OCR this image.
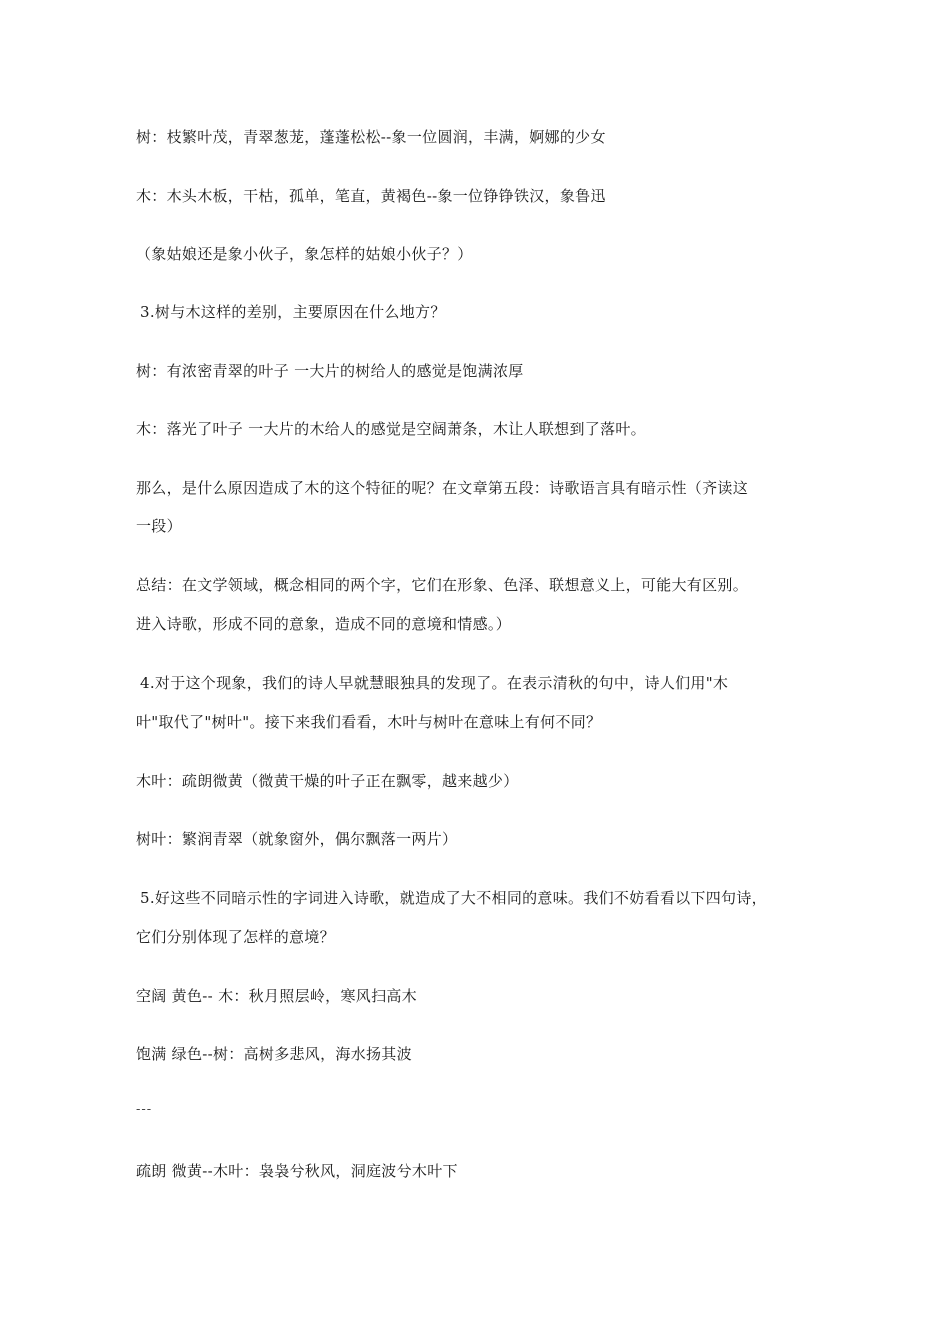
树：枝繁叶茂，青翠葱茏，蓬蓬松松--象一位圆润，丰满，婀娜的少女
木：木头木板，干枯，孤单，笔直，黄褐色--象一位铮铮铁汉，象鲁迅
（象姑娘还是象小伙子，象怎样的姑娘小伙子？）
3.树与木这样的差别，主要原因在什么地方？
树：有浓密青翠的叶子 一大片的树给人的感觉是饱满浓厚
木：落光了叶子 一大片的木给人的感觉是空阔萧条，木让人联想到了落叶。
那么，是什么原因造成了木的这个特征的呢？在文章第五段：诗歌语言具有暗示性（齐读这
一段）
总结：在文学领域，概念相同的两个字，它们在形象、色泽、联想意义上，可能大有区别。
进入诗歌，形成不同的意象，造成不同的意境和情感。）
4.对于这个现象，我们的诗人早就慧眼独具的发现了。在表示清秋的句中，诗人们用"木
叶"取代了"树叶"。接下来我们看看，木叶与树叶在意味上有何不同？
木叶：疏朗微黄（微黄干燥的叶子正在飘零，越来越少）
树叶：繁润青翠（就象窗外，偶尔飘落一两片）
5.好这些不同暗示性的字词进入诗歌，就造成了大不相同的意味。我们不妨看看以下四句诗，
它们分别体现了怎样的意境？
空阔 黄色-- 木：秋月照层岭，寒风扫高木
饱满 绿色--树：高树多悲风，海水扬其波
---
疏朗 微黄--木叶：袅袅兮秋风，洞庭波兮木叶下
